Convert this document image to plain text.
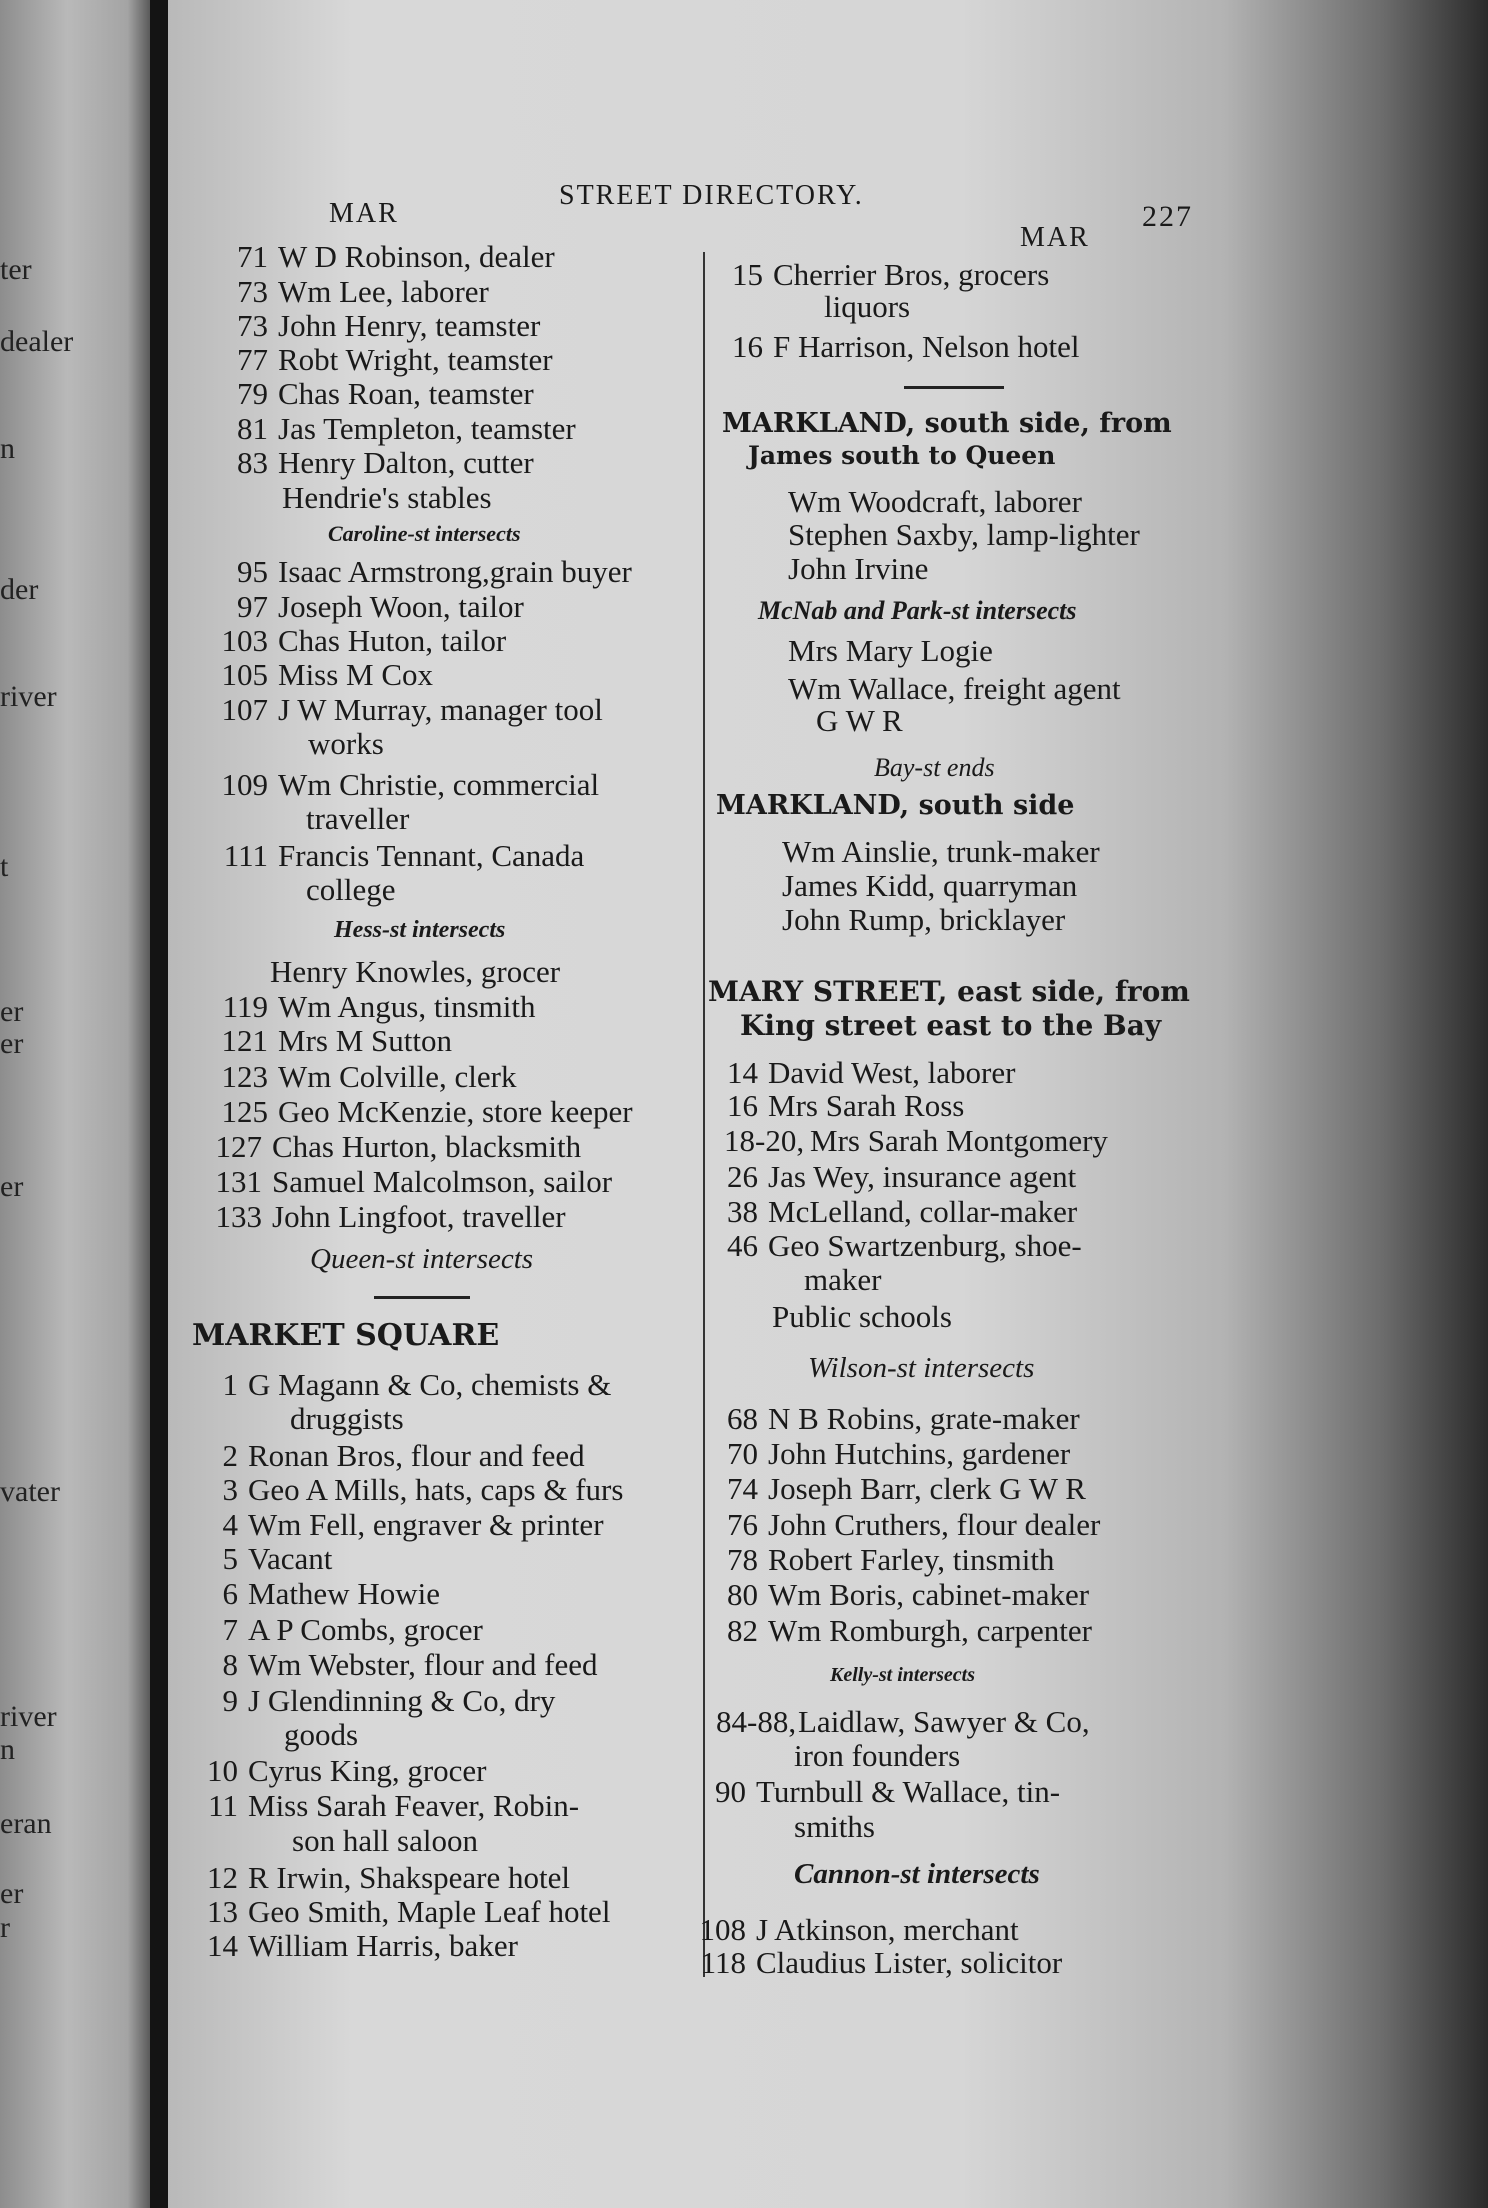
ter
dealer
n
der
river
t
er
er
er
vater
river
n
eran
er
r
MAR
STREET DIRECTORY.
MAR
227
71 W D Robinson, dealer
73 Wm Lee, laborer
73 John Henry, teamster
77 Robt Wright, teamster
79 Chas Roan, teamster
81 Jas Templeton, teamster
83 Henry Dalton, cutter
Hendrie's stables
Caroline-st intersects
95 Isaac Armstrong,grain buyer
97 Joseph Woon, tailor
103 Chas Huton, tailor
105 Miss M Cox
107 J W Murray, manager tool
works
109 Wm Christie, commercial
traveller
111 Francis Tennant, Canada
college
Hess-st intersects
Henry Knowles, grocer
119 Wm Angus, tinsmith
121 Mrs M Sutton
123 Wm Colville, clerk
125 Geo McKenzie, store keeper
127 Chas Hurton, blacksmith
131 Samuel Malcolmson, sailor
133 John Lingfoot, traveller
Queen-st intersects
MARKET SQUARE
1 G Magann & Co, chemists &
druggists
2 Ronan Bros, flour and feed
3 Geo A Mills, hats, caps & furs
4 Wm Fell, engraver & printer
5 Vacant
6 Mathew Howie
7 A P Combs, grocer
8 Wm Webster, flour and feed
9 J Glendinning & Co, dry
goods
10 Cyrus King, grocer
11 Miss Sarah Feaver, Robin-
son hall saloon
12 R Irwin, Shakspeare hotel
13 Geo Smith, Maple Leaf hotel
14 William Harris, baker
15 Cherrier Bros, grocers
liquors
16 F Harrison, Nelson hotel
MARKLAND, south side, from
James south to Queen
Wm Woodcraft, laborer
Stephen Saxby, lamp-lighter
John Irvine
McNab and Park-st intersects
Mrs Mary Logie
Wm Wallace, freight agent
G W R
Bay-st ends
MARKLAND, south side
Wm Ainslie, trunk-maker
James Kidd, quarryman
John Rump, bricklayer
MARY STREET, east side, from
King street east to the Bay
14 David West, laborer
16 Mrs Sarah Ross
18-20, Mrs Sarah Montgomery
26 Jas Wey, insurance agent
38 McLelland, collar-maker
46 Geo Swartzenburg, shoe-
maker
Public schools
Wilson-st intersects
68 N B Robins, grate-maker
70 John Hutchins, gardener
74 Joseph Barr, clerk G W R
76 John Cruthers, flour dealer
78 Robert Farley, tinsmith
80 Wm Boris, cabinet-maker
82 Wm Romburgh, carpenter
Kelly-st intersects
84-88,Laidlaw, Sawyer & Co,
iron founders
90 Turnbull & Wallace, tin-
smiths
Cannon-st intersects
108 J Atkinson, merchant
118 Claudius Lister, solicitor
